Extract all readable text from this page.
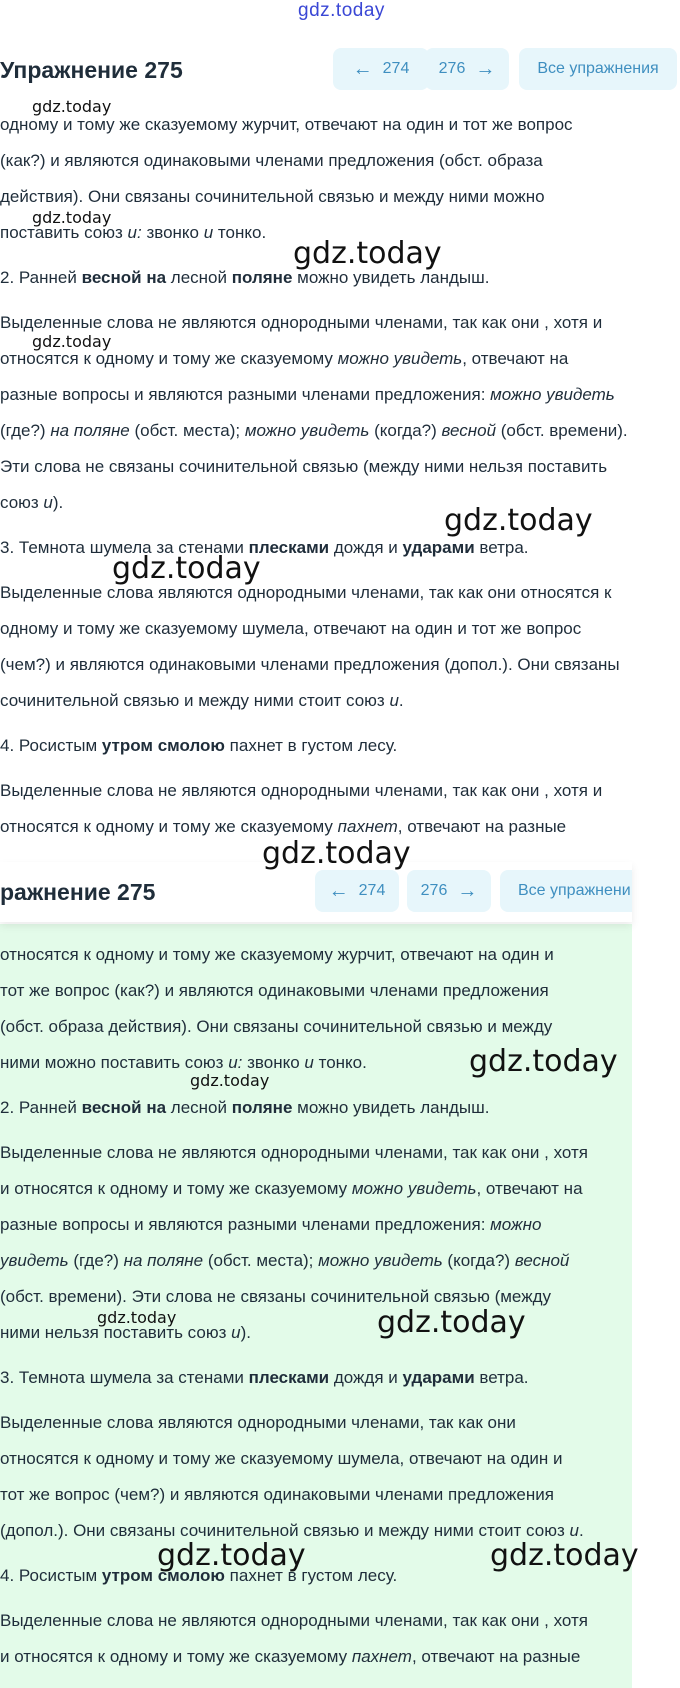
gdz.today
Упражнение 275	← 274 276 →	Все упражнения

одному и тому же сказуемому журчит, отвечают на один и тот же вопрос

(как?) и являются одинаковыми членами предложения (обст. образа

действия). Они связаны сочинительной связью и между ними можно

поставить союз и: звонко и тонко.

2. Ранней весной на лесной поляне можно увидеть ландыш.

Выделенные слова не являются однородными членами, так как они , хотя и

относятся к одному и тому же сказуемому можно увидеть, отвечают на

разные вопросы и являются разными членами предложения: можно увидеть

(где?) на поляне (обст. места); можно увидеть (когда?) весной (обст. времени).

Эти слова не связаны сочинительной связью (между ними нельзя поставить

союз и).

3. Темнота шумела за стенами плесками дождя и ударами ветра.

Выделенные слова являются однородными членами, так как они относятся к

одному и тому же сказуемому шумела, отвечают на один и тот же вопрос

(чем?) и являются одинаковыми членами предложения (допол.). Они связаны

сочинительной связью и между ними стоит союз и.

4. Росистым утром смолою пахнет в густом лесу.

Выделенные слова не являются однородными членами, так как они , хотя и

относятся к одному и тому же сказуемому пахнет, отвечают на разные

ражнение 275	← 274 276 →	Все упражнени

относятся к одному и тому же сказуемому журчит, отвечают на один и

тот же вопрос (как?) и являются одинаковыми членами предложения

(обст. образа действия). Они связаны сочинительной связью и между

ними можно поставить союз и: звонко и тонко.

2. Ранней весной на лесной поляне можно увидеть ландыш.

Выделенные слова не являются однородными членами, так как они , хотя

и относятся к одному и тому же сказуемому можно увидеть, отвечают на

разные вопросы и являются разными членами предложения: можно

увидеть (где?) на поляне (обст. места); можно увидеть (когда?) весной

(обст. времени). Эти слова не связаны сочинительной связью (между

ними нельзя поставить союз и).

3. Темнота шумела за стенами плесками дождя и ударами ветра.

Выделенные слова являются однородными членами, так как они

относятся к одному и тому же сказуемому шумела, отвечают на один и

тот же вопрос (чем?) и являются одинаковыми членами предложения

(допол.). Они связаны сочинительной связью и между ними стоит союз и.

4. Росистым утром смолою пахнет в густом лесу.

Выделенные слова не являются однородными членами, так как они , хотя

и относятся к одному и тому же сказуемому пахнет, отвечают на разные

gdz.today
gdz.today
gdz.today
gdz.today
gdz.today
gdz.today
gdz.today
gdz.today
gdz.today
gdz.today	gdz.today
gdz.today	gdz.today
